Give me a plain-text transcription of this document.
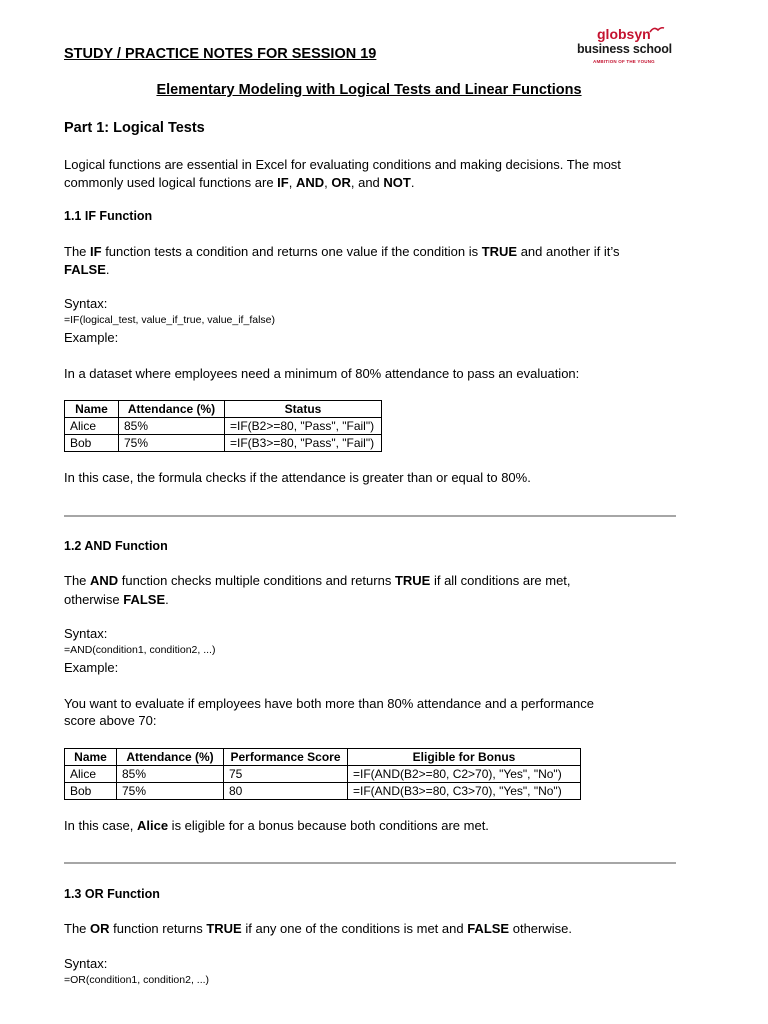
STUDY / PRACTICE NOTES FOR SESSION 19
globsyn
business school
AMBITION OF THE YOUNG
Elementary Modeling with Logical Tests and Linear Functions
Part 1: Logical Tests
Logical functions are essential in Excel for evaluating conditions and making decisions. The most
commonly used logical functions are IF, AND, OR, and NOT.
1.1 IF Function
The IF function tests a condition and returns one value if the condition is TRUE and another if it’s
FALSE.
Syntax:
=IF(logical_test, value_if_true, value_if_false)
Example:
In a dataset where employees need a minimum of 80% attendance to pass an evaluation:
Name	Attendance (%)	Status
Alice	85%	=IF(B2>=80, "Pass", "Fail")
Bob	75%	=IF(B3>=80, "Pass", "Fail")
In this case, the formula checks if the attendance is greater than or equal to 80%.
1.2 AND Function
The AND function checks multiple conditions and returns TRUE if all conditions are met,
otherwise FALSE.
Syntax:
=AND(condition1, condition2, ...)
Example:
You want to evaluate if employees have both more than 80% attendance and a performance
score above 70:
Name	Attendance (%)	Performance Score	Eligible for Bonus
Alice	85%	75	=IF(AND(B2>=80, C2>70), "Yes", "No")
Bob	75%	80	=IF(AND(B3>=80, C3>70), "Yes", "No")
In this case, Alice is eligible for a bonus because both conditions are met.
1.3 OR Function
The OR function returns TRUE if any one of the conditions is met and FALSE otherwise.
Syntax:
=OR(condition1, condition2, ...)
